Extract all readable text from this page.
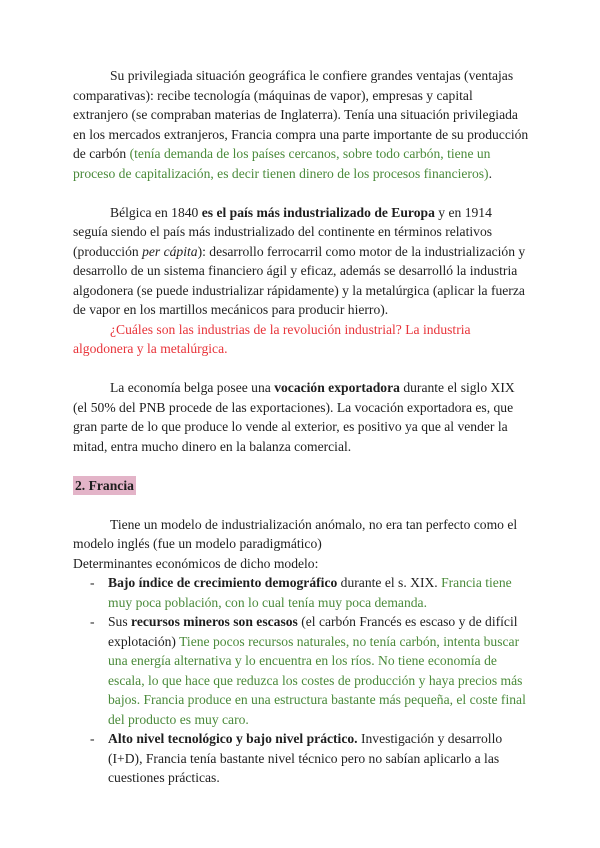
Su privilegiada situación geográfica le confiere grandes ventajas (ventajas comparativas): recibe tecnología (máquinas de vapor), empresas y capital extranjero (se compraban materias de Inglaterra). Tenía una situación privilegiada en los mercados extranjeros, Francia compra una parte importante de su producción de carbón (tenía demanda de los países cercanos, sobre todo carbón, tiene un proceso de capitalización, es decir tienen dinero de los procesos financieros).

Bélgica en 1840 es el país más industrializado de Europa y en 1914 seguía siendo el país más industrializado del continente en términos relativos (producción per cápita): desarrollo ferrocarril como motor de la industrialización y desarrollo de un sistema financiero ágil y eficaz, además se desarrolló la industria algodonera (se puede industrializar rápidamente) y la metalúrgica (aplicar la fuerza de vapor en los martillos mecánicos para producir hierro).

¿Cuáles son las industrias de la revolución industrial? La industria algodonera y la metalúrgica.

La economía belga posee una vocación exportadora durante el siglo XIX (el 50% del PNB procede de las exportaciones). La vocación exportadora es, que gran parte de lo que produce lo vende al exterior, es positivo ya que al vender la mitad, entra mucho dinero en la balanza comercial.

2. Francia

Tiene un modelo de industrialización anómalo, no era tan perfecto como el modelo inglés (fue un modelo paradigmático)

Determinantes económicos de dicho modelo:

- Bajo índice de crecimiento demográfico durante el s. XIX. Francia tiene muy poca población, con lo cual tenía muy poca demanda.
- Sus recursos mineros son escasos (el carbón Francés es escaso y de difícil explotación) Tiene pocos recursos naturales, no tenía carbón, intenta buscar una energía alternativa y lo encuentra en los ríos. No tiene economía de escala, lo que hace que reduzca los costes de producción y haya precios más bajos. Francia produce en una estructura bastante más pequeña, el coste final del producto es muy caro.
- Alto nivel tecnológico y bajo nivel práctico. Investigación y desarrollo (I+D), Francia tenía bastante nivel técnico pero no sabían aplicarlo a las cuestiones prácticas.
